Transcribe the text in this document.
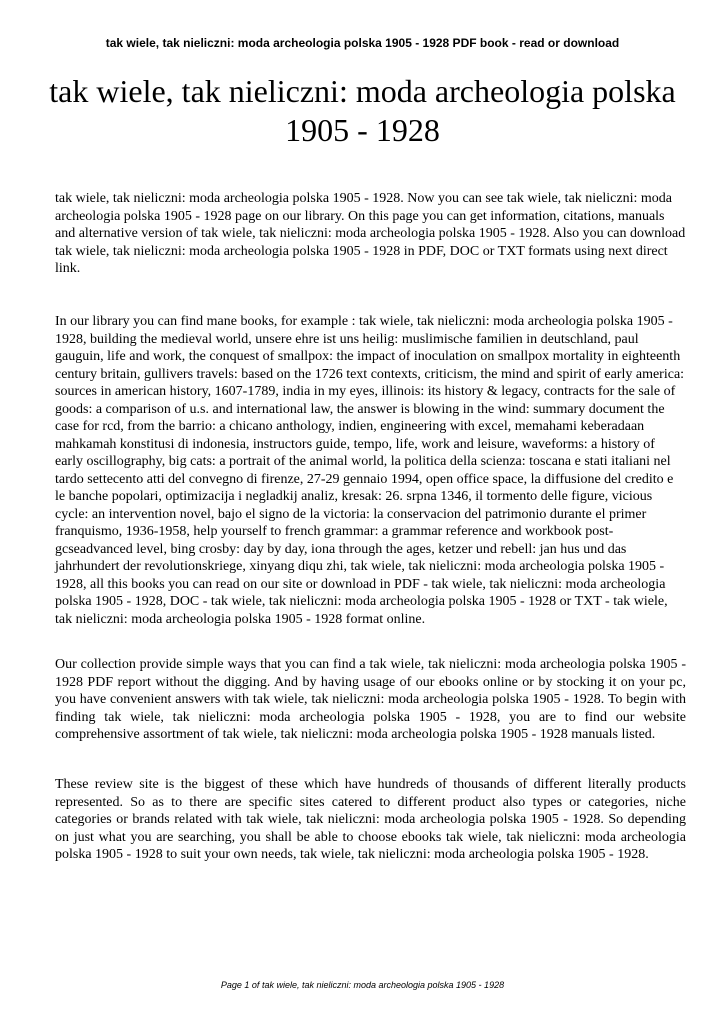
tak wiele, tak nieliczni: moda archeologia polska 1905 - 1928 PDF book - read or download
tak wiele, tak nieliczni: moda archeologia polska 1905 - 1928

tak wiele, tak nieliczni: moda archeologia polska 1905 - 1928. Now you can see tak wiele, tak nieliczni: moda archeologia polska 1905 - 1928 page on our library. On this page you can get information, citations, manuals and alternative version of tak wiele, tak nieliczni: moda archeologia polska 1905 - 1928. Also you can download tak wiele, tak nieliczni: moda archeologia polska 1905 - 1928 in PDF, DOC or TXT formats using next direct link.

In our library you can find mane books, for example : tak wiele, tak nieliczni: moda archeologia polska 1905 - 1928, building the medieval world, unsere ehre ist uns heilig: muslimische familien in deutschland, paul gauguin, life and work, the conquest of smallpox: the impact of inoculation on smallpox mortality in eighteenth century britain, gullivers travels: based on the 1726 text contexts, criticism, the mind and spirit of early america: sources in american history, 1607-1789, india in my eyes, illinois: its history & legacy, contracts for the sale of goods: a comparison of u.s. and international law, the answer is blowing in the wind: summary document the case for rcd, from the barrio: a chicano anthology, indien, engineering with excel, memahami keberadaan mahkamah konstitusi di indonesia, instructors guide, tempo, life, work and leisure, waveforms: a history of early oscillography, big cats: a portrait of the animal world, la politica della scienza: toscana e stati italiani nel tardo settecento atti del convegno di firenze, 27-29 gennaio 1994, open office space, la diffusione del credito e le banche popolari, optimizacija i negladkij analiz, kresak: 26. srpna 1346, il tormento delle figure, vicious cycle: an intervention novel, bajo el signo de la victoria: la conservacion del patrimonio durante el primer franquismo, 1936-1958, help yourself to french grammar: a grammar reference and workbook post-gcseadvanced level, bing crosby: day by day, iona through the ages, ketzer und rebell: jan hus und das jahrhundert der revolutionskriege, xinyang diqu zhi, tak wiele, tak nieliczni: moda archeologia polska 1905 - 1928, all this books you can read on our site or download in PDF - tak wiele, tak nieliczni: moda archeologia polska 1905 - 1928, DOC - tak wiele, tak nieliczni: moda archeologia polska 1905 - 1928 or TXT - tak wiele, tak nieliczni: moda archeologia polska 1905 - 1928 format online.

Our collection provide simple ways that you can find a tak wiele, tak nieliczni: moda archeologia polska 1905 - 1928 PDF report without the digging. And by having usage of our ebooks online or by stocking it on your pc, you have convenient answers with tak wiele, tak nieliczni: moda archeologia polska 1905 - 1928. To begin with finding tak wiele, tak nieliczni: moda archeologia polska 1905 - 1928, you are to find our website comprehensive assortment of tak wiele, tak nieliczni: moda archeologia polska 1905 - 1928 manuals listed.

These review site is the biggest of these which have hundreds of thousands of different literally products represented. So as to there are specific sites catered to different product also types or categories, niche categories or brands related with tak wiele, tak nieliczni: moda archeologia polska 1905 - 1928. So depending on just what you are searching, you shall be able to choose ebooks tak wiele, tak nieliczni: moda archeologia polska 1905 - 1928 to suit your own needs, tak wiele, tak nieliczni: moda archeologia polska 1905 - 1928.

Page 1 of tak wiele, tak nieliczni: moda archeologia polska 1905 - 1928
